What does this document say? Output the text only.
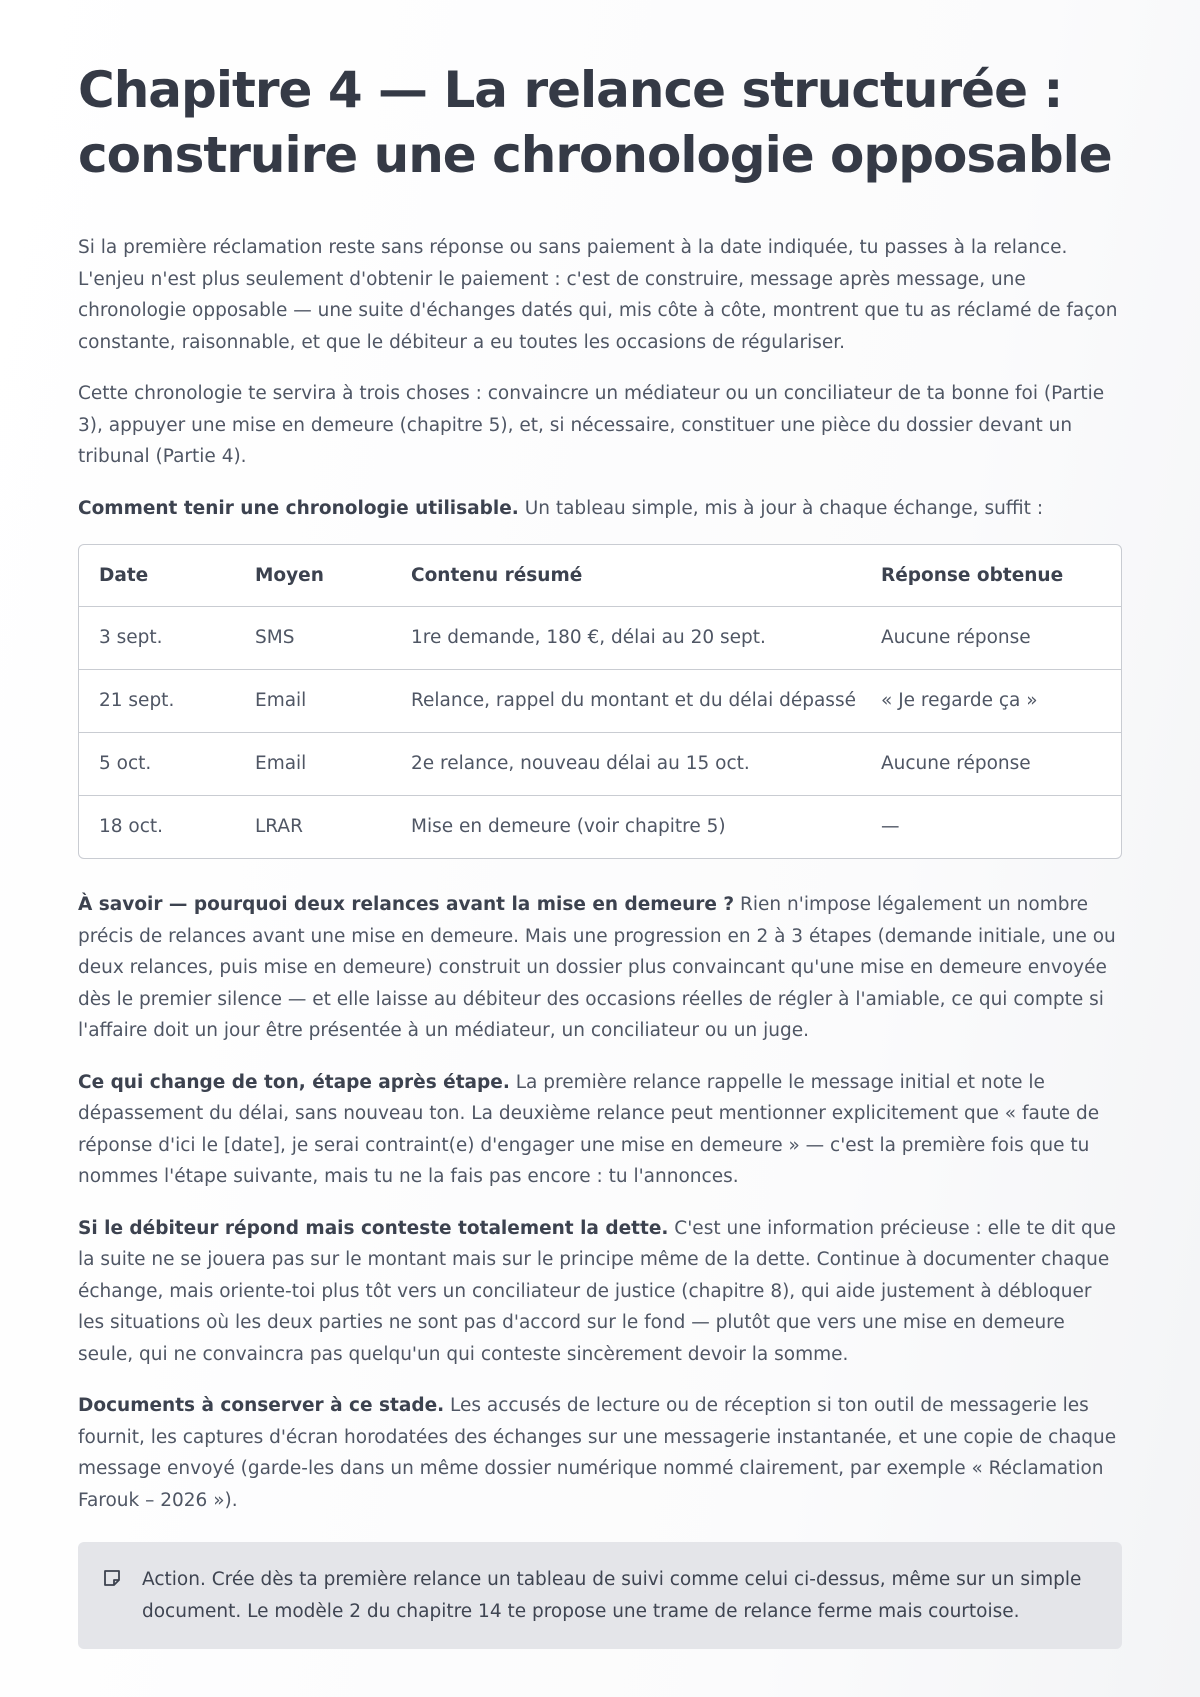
Chapitre 4 — La relance structurée : construire une chronologie opposable

Si la première réclamation reste sans réponse ou sans paiement à la date indiquée, tu passes à la relance. L'enjeu n'est plus seulement d'obtenir le paiement : c'est de construire, message après message, une chronologie opposable — une suite d'échanges datés qui, mis côte à côte, montrent que tu as réclamé de façon constante, raisonnable, et que le débiteur a eu toutes les occasions de régulariser.

Cette chronologie te servira à trois choses : convaincre un médiateur ou un conciliateur de ta bonne foi (Partie 3), appuyer une mise en demeure (chapitre 5), et, si nécessaire, constituer une pièce du dossier devant un tribunal (Partie 4).

Comment tenir une chronologie utilisable. Un tableau simple, mis à jour à chaque échange, suffit :

Date	Moyen	Contenu résumé	Réponse obtenue
3 sept.	SMS	1re demande, 180 €, délai au 20 sept.	Aucune réponse
21 sept.	Email	Relance, rappel du montant et du délai dépassé	« Je regarde ça »
5 oct.	Email	2e relance, nouveau délai au 15 oct.	Aucune réponse
18 oct.	LRAR	Mise en demeure (voir chapitre 5)	—

À savoir — pourquoi deux relances avant la mise en demeure ? Rien n'impose légalement un nombre précis de relances avant une mise en demeure. Mais une progression en 2 à 3 étapes (demande initiale, une ou deux relances, puis mise en demeure) construit un dossier plus convaincant qu'une mise en demeure envoyée dès le premier silence — et elle laisse au débiteur des occasions réelles de régler à l'amiable, ce qui compte si l'affaire doit un jour être présentée à un médiateur, un conciliateur ou un juge.

Ce qui change de ton, étape après étape. La première relance rappelle le message initial et note le dépassement du délai, sans nouveau ton. La deuxième relance peut mentionner explicitement que « faute de réponse d'ici le [date], je serai contraint(e) d'engager une mise en demeure » — c'est la première fois que tu nommes l'étape suivante, mais tu ne la fais pas encore : tu l'annonces.

Si le débiteur répond mais conteste totalement la dette. C'est une information précieuse : elle te dit que la suite ne se jouera pas sur le montant mais sur le principe même de la dette. Continue à documenter chaque échange, mais oriente-toi plus tôt vers un conciliateur de justice (chapitre 8), qui aide justement à débloquer les situations où les deux parties ne sont pas d'accord sur le fond — plutôt que vers une mise en demeure seule, qui ne convaincra pas quelqu'un qui conteste sincèrement devoir la somme.

Documents à conserver à ce stade. Les accusés de lecture ou de réception si ton outil de messagerie les fournit, les captures d'écran horodatées des échanges sur une messagerie instantanée, et une copie de chaque message envoyé (garde-les dans un même dossier numérique nommé clairement, par exemple « Réclamation Farouk – 2026 »).

Action. Crée dès ta première relance un tableau de suivi comme celui ci-dessus, même sur un simple document. Le modèle 2 du chapitre 14 te propose une trame de relance ferme mais courtoise.
